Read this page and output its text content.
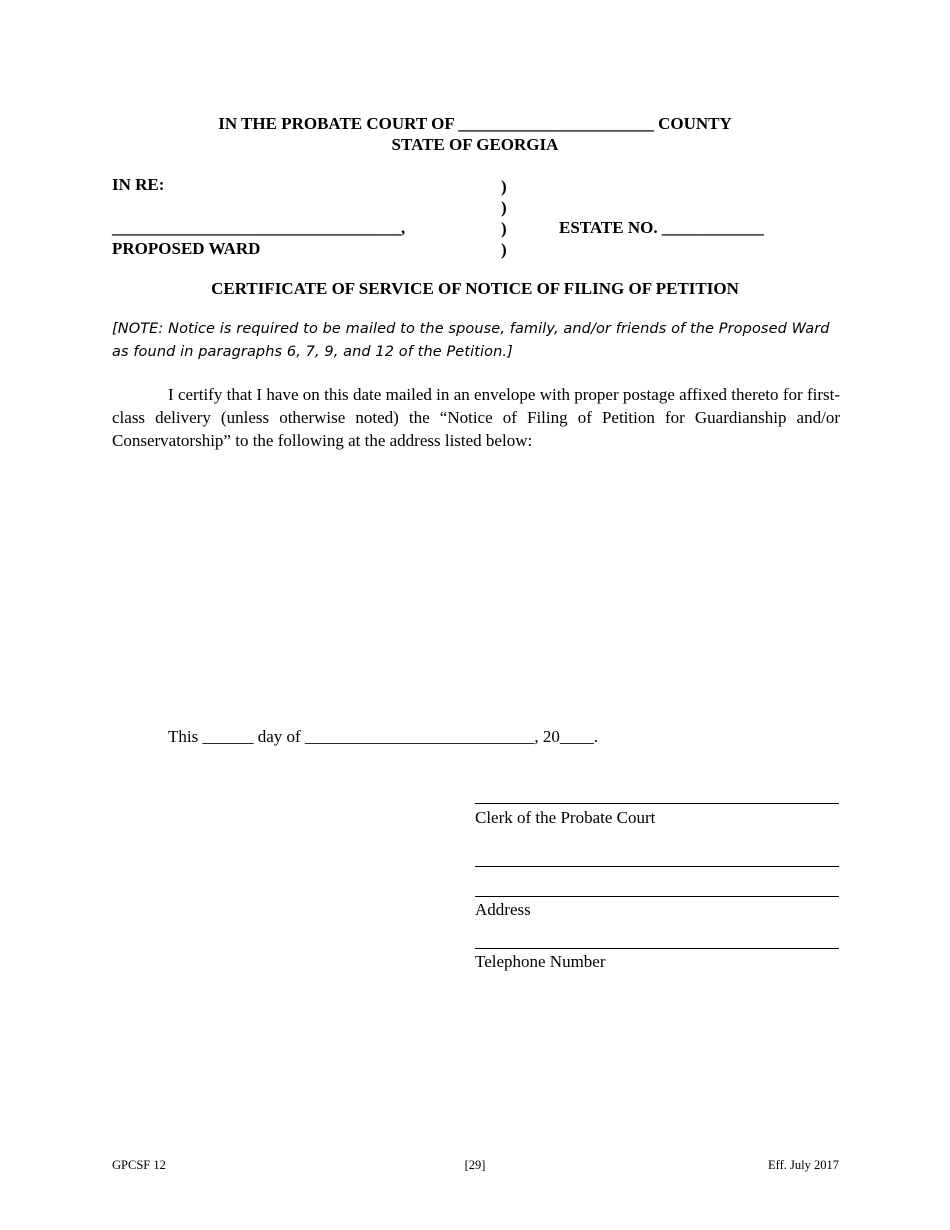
IN THE PROBATE COURT OF _______________________ COUNTY
STATE OF GEORGIA
IN RE:	)
)
__________________________________,	)	ESTATE NO. ____________
PROPOSED WARD	)
CERTIFICATE OF SERVICE OF NOTICE OF FILING OF PETITION
[NOTE: Notice is required to be mailed to the spouse, family, and/or friends of the Proposed Ward
as found in paragraphs 6, 7, 9, and 12 of the Petition.]
I certify that I have on this date mailed in an envelope with proper postage affixed thereto for first-class delivery (unless otherwise noted) the “Notice of Filing of Petition for Guardianship and/or Conservatorship” to the following at the address listed below:
This ______ day of ___________________________, 20____.
Clerk of the Probate Court
Address
Telephone Number
GPCSF 12	[29]	Eff. July 2017
